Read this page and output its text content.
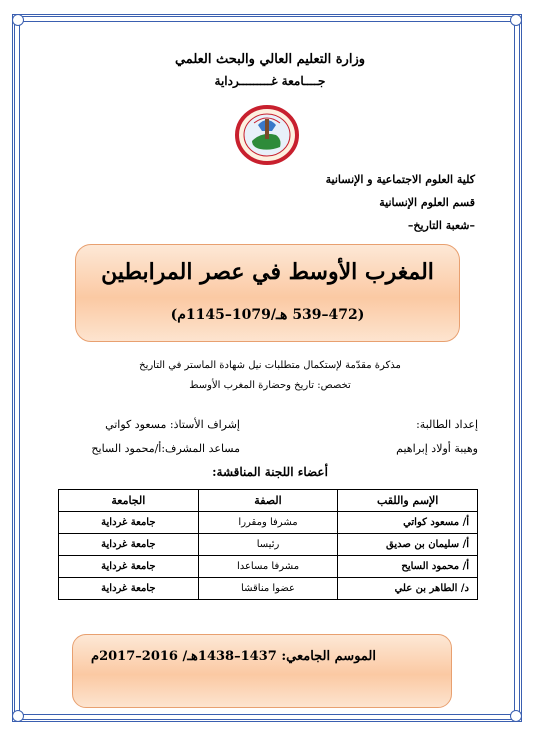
وزارة التعليم العالي والبحث العلمي
جــــامعة غـــــــــرداية
كلية العلوم الاجتماعية و الإنسانية
قسم العلوم الإنسانية
–شعبة التاريخ–
المغرب الأوسط في عصر المرابطين
(472–539 هـ/1079–1145م)
مذكرة مقدّمة لإستكمال متطلبات نيل شهادة الماستر في التاريخ
تخصص: تاريخ وحضارة المغرب الأوسط
إعداد الطالبة:
وهيبة أولاد إبراهيم
إشراف الأستاذ: مسعود كواتي
مساعد المشرف:أ/محمود السايح
أعضاء اللجنة المناقشة:
الإسم واللقب	الصفة	الجامعة
أ/ مسعود كواتي	مشرفا ومقررا	جامعة غرداية
أ/ سليمان بن صديق	رئيسا	جامعة غرداية
أ/ محمود السايح	مشرفا مساعدا	جامعة غرداية
د/ الطاهر بن علي	عضوا مناقشا	جامعة غرداية
الموسم الجامعي: 1437–1438هـ/ 2016–2017م
